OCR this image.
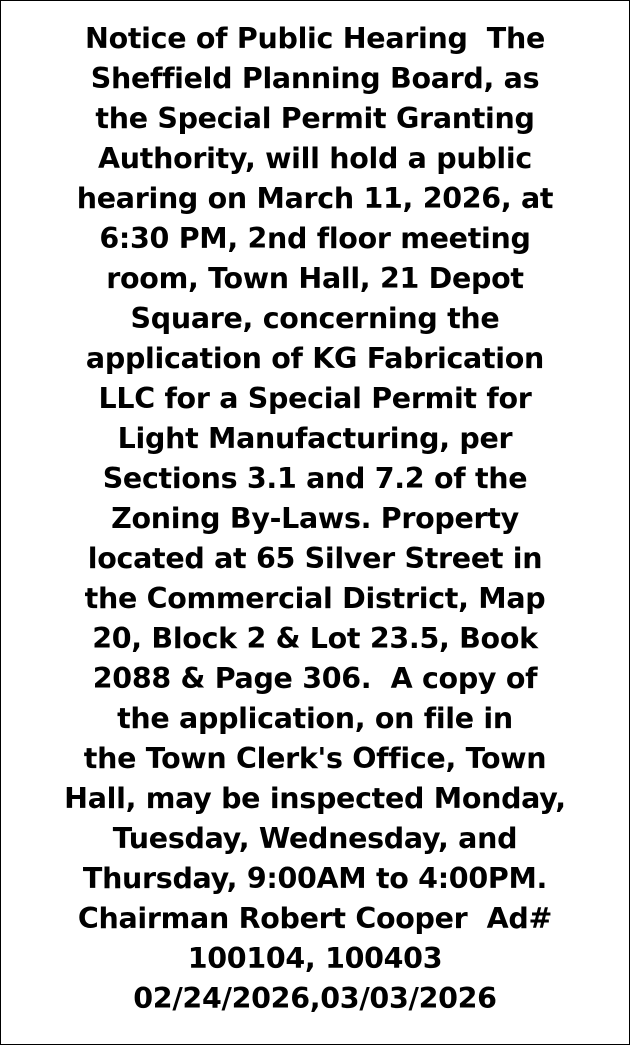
Notice of Public Hearing  The
Sheffield Planning Board, as
the Special Permit Granting
Authority, will hold a public
hearing on March 11, 2026, at
6:30 PM, 2nd floor meeting
room, Town Hall, 21 Depot
Square, concerning the
application of KG Fabrication
LLC for a Special Permit for
Light Manufacturing, per
Sections 3.1 and 7.2 of the
Zoning By-Laws. Property
located at 65 Silver Street in
the Commercial District, Map
20, Block 2 & Lot 23.5, Book
2088 & Page 306.  A copy of
the application, on file in
the Town Clerk's Office, Town
Hall, may be inspected Monday,
Tuesday, Wednesday, and
Thursday, 9:00AM to 4:00PM.
Chairman Robert Cooper  Ad#
100104, 100403
02/24/2026,03/03/2026
